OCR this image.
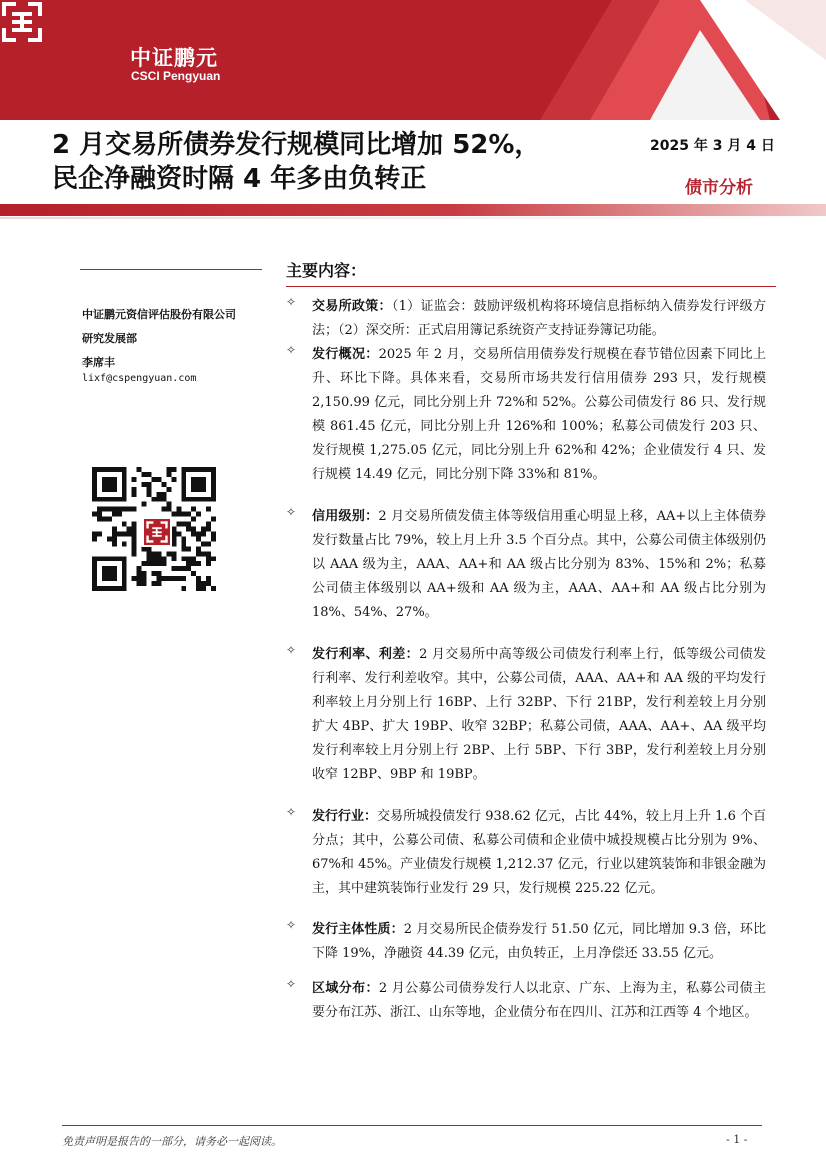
中证鹏元
CSCI Pengyuan
2 月交易所债券发行规模同比增加 52%，
民企净融资时隔 4 年多由负转正
2025 年 3 月 4 日
债市分析
中证鹏元资信评估股份有限公司
研究发展部
李席丰
lixf@cspengyuan.com
主要内容：
✧ 交易所政策：（1）证监会：鼓励评级机构将环境信息指标纳入债券发行评级方法；（2）深交所：正式启用簿记系统资产支持证券簿记功能。
✧ 发行概况：2025 年 2 月，交易所信用债券发行规模在春节错位因素下同比上升、环比下降。具体来看，交易所市场共发行信用债券 293 只，发行规模 2,150.99 亿元，同比分别上升 72%和 52%。公募公司债发行 86 只、发行规模 861.45 亿元，同比分别上升 126%和 100%；私募公司债发行 203 只、发行规模 1,275.05 亿元，同比分别上升 62%和 42%；企业债发行 4 只、发行规模 14.49 亿元，同比分别下降 33%和 81%。
✧ 信用级别：2 月交易所债发债主体等级信用重心明显上移，AA+以上主体债券发行数量占比 79%，较上月上升 3.5 个百分点。其中，公募公司债主体级别仍以 AAA 级为主，AAA、AA+和 AA 级占比分别为 83%、15%和 2%；私募公司债主体级别以 AA+级和 AA 级为主，AAA、AA+和 AA 级占比分别为 18%、54%、27%。
✧ 发行利率、利差：2 月交易所中高等级公司债发行利率上行，低等级公司债发行利率、发行利差收窄。其中，公募公司债，AAA、AA+和 AA 级的平均发行利率较上月分别上行 16BP、上行 32BP、下行 21BP，发行利差较上月分别扩大 4BP、扩大 19BP、收窄 32BP；私募公司债，AAA、AA+、AA 级平均发行利率较上月分别上行 2BP、上行 5BP、下行 3BP，发行利差较上月分别收窄 12BP、9BP 和 19BP。
✧ 发行行业：交易所城投债发行 938.62 亿元，占比 44%，较上月上升 1.6 个百分点；其中，公募公司债、私募公司债和企业债中城投规模占比分别为 9%、67%和 45%。产业债发行规模 1,212.37 亿元，行业以建筑装饰和非银金融为主，其中建筑装饰行业发行 29 只，发行规模 225.22 亿元。
✧ 发行主体性质：2 月交易所民企债券发行 51.50 亿元，同比增加 9.3 倍，环比下降 19%，净融资 44.39 亿元，由负转正，上月净偿还 33.55 亿元。
✧ 区域分布：2 月公募公司债券发行人以北京、广东、上海为主，私募公司债主要分布江苏、浙江、山东等地，企业债分布在四川、江苏和江西等 4 个地区。
免责声明是报告的一部分，请务必一起阅读。	- 1 -
